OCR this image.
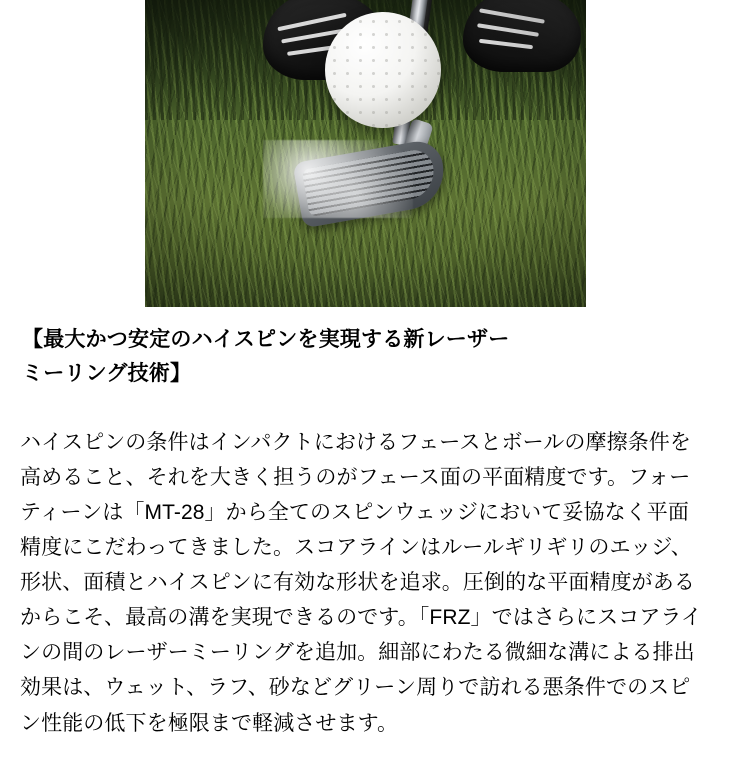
【最大かつ安定のハイスピンを実現する新レーザー
ミーリング技術】

ハイスピンの条件はインパクトにおけるフェースとボールの摩擦条件を高めること、それを大きく担うのがフェース面の平面精度です。フォーティーンは「MT-28」から全てのスピンウェッジにおいて妥協なく平面精度にこだわってきました。スコアラインはルールギリギリのエッジ、形状、面積とハイスピンに有効な形状を追求。圧倒的な平面精度があるからこそ、最高の溝を実現できるのです。「FRZ」ではさらにスコアラインの間のレーザーミーリングを追加。細部にわたる微細な溝による排出効果は、ウェット、ラフ、砂などグリーン周りで訪れる悪条件でのスピン性能の低下を極限まで軽減させます。
